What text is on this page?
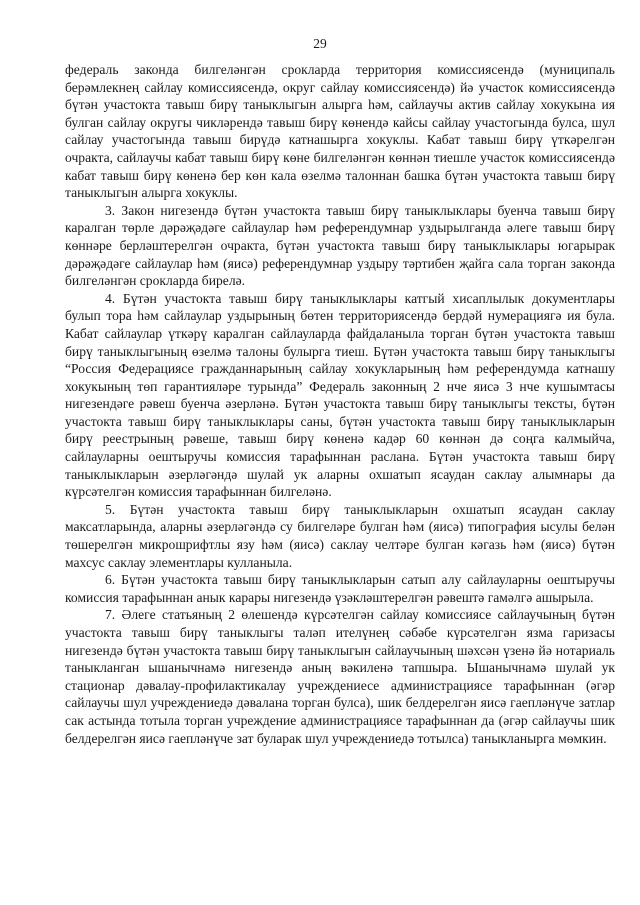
29

федераль законда билгеләнгән срокларда территория комиссиясендә (муниципаль берәмлекнең сайлау комиссиясендә, округ сайлау комиссиясендә) йә участок комиссиясендә бүтән участокта тавыш бирү таныклыгын алырга һәм, сайлаучы актив сайлау хокукына ия булган сайлау округы чикләрендә тавыш бирү көнендә кайсы сайлау участогында булса, шул сайлау участогында тавыш бирүдә катнашырга хокуклы. Кабат тавыш бирү үткәрелгән очракта, сайлаучы кабат тавыш бирү көне билгеләнгән көннән тиешле участок комиссиясендә кабат тавыш бирү көненә бер көн кала өзелмә талоннан башка бүтән участокта тавыш бирү таныклыгын алырга хокуклы.

3. Закон нигезендә бүтән участокта тавыш бирү таныклыклары буенча тавыш бирү каралган төрле дәрәҗәдәге сайлаулар һәм референдумнар уздырылганда әлеге тавыш бирү көннәре берләштерелгән очракта, бүтән участокта тавыш бирү таныклыклары югарырак дәрәҗәдәге сайлаулар һәм (яисә) референдумнар уздыру тәртибен җайга сала торган законда билгеләнгән срокларда бирелә.

4. Бүтән участокта тавыш бирү таныклыклары катгый хисаплылык документлары булып тора һәм сайлаулар уздырының бөтен территориясендә бердәй нумерациягә ия була. Кабат сайлаулар үткәрү каралган сайлауларда файдаланыла торган бүтән участокта тавыш бирү таныклыгының өзелмә талоны булырга тиеш. Бүтән участокта тавыш бирү таныклыгы “Россия Федерациясе гражданнарының сайлау хокукларының һәм референдумда катнашу хокукының төп гарантияләре турында” Федераль законның 2 нче яисә 3 нче кушымтасы нигезендәге рәвеш буенча әзерләнә. Бүтән участокта тавыш бирү таныклыгы тексты, бүтән участокта тавыш бирү таныклыклары саны, бүтән участокта тавыш бирү таныклыкларын бирү реестрының рәвеше, тавыш бирү көненә кадәр 60 көннән дә соңга калмыйча, сайлауларны оештыручы комиссия тарафыннан раслана. Бүтән участокта тавыш бирү таныклыкларын әзерләгәндә шулай ук аларны охшатып ясаудан саклау алымнары да күрсәтелгән комиссия тарафыннан билгеләнә.

5. Бүтән участокта тавыш бирү таныклыкларын охшатып ясаудан саклау максатларында, аларны әзерләгәндә су билгеләре булган һәм (яисә) типография ысулы белән төшерелгән микрошрифтлы язу һәм (яисә) саклау челтәре булган кәгазь һәм (яисә) бүтән махсус саклау элементлары кулланыла.

6. Бүтән участокта тавыш бирү таныклыкларын сатып алу сайлауларны оештыручы комиссия тарафыннан анык карары нигезендә үзәкләштерелгән рәвештә гамәлгә ашырыла.

7. Әлеге статьяның 2 өлешендә күрсәтелгән сайлау комиссиясе сайлаучының бүтән участокта тавыш бирү таныклыгы таләп ителүнең сәбәбе күрсәтелгән язма гаризасы нигезендә бүтән участокта тавыш бирү таныклыгын сайлаучының шәхсән үзенә йә нотариаль таныкланган ышанычнамә нигезендә аның вәкиленә тапшыра. Ышанычнамә шулай ук стационар дәвалау-профилактикалау учреждениесе администрациясе тарафыннан (әгәр сайлаучы шул учреждениедә дәвалана торган булса), шик белдерелгән яисә гаепләнүче затлар сак астында тотыла торган учреждение администрациясе тарафыннан да (әгәр сайлаучы шик белдерелгән яисә гаепләнүче зат буларак шул учреждениедә тотылса) таныкланырга мөмкин.
